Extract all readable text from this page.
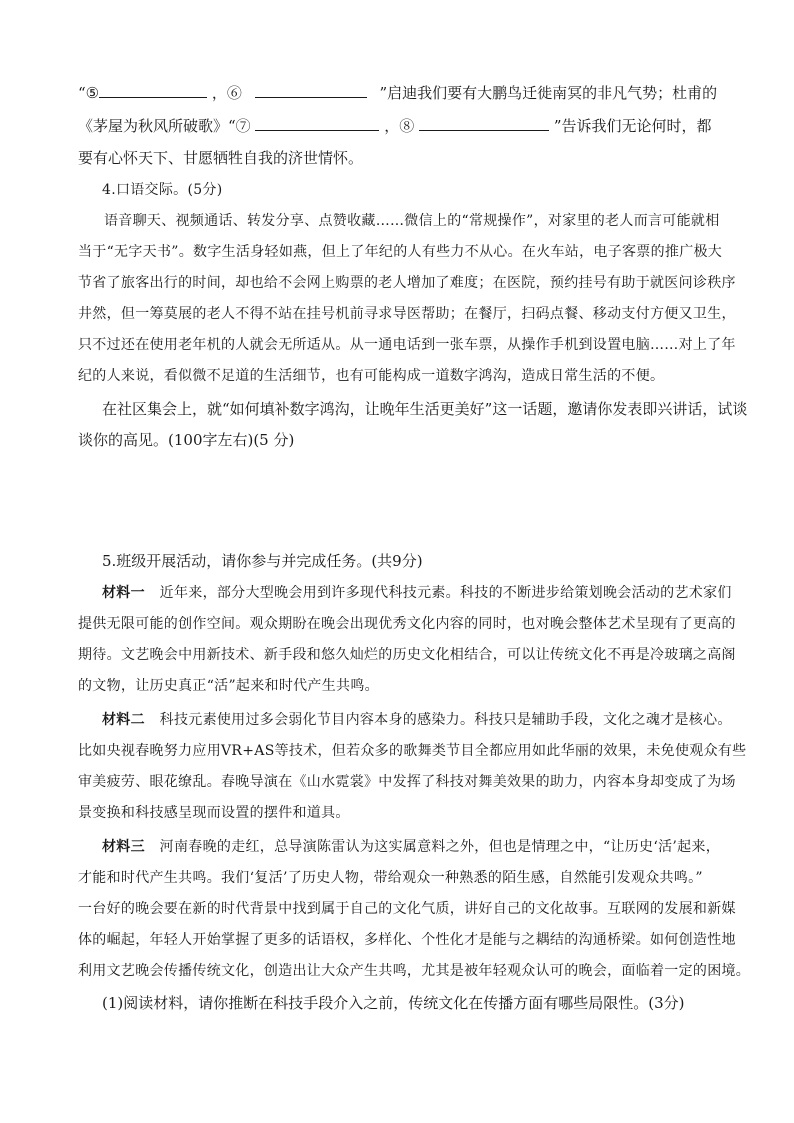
“⑤	，⑥	”启迪我们要有大鹏鸟迁徙南冥的非凡气势；杜甫的
《茅屋为秋风所破歌》“⑦	，⑧	”告诉我们无论何时，都
要有心怀天下、甘愿牺牲自我的济世情怀。
4.口语交际。(5分)
语音聊天、视频通话、转发分享、点赞收藏……微信上的“常规操作”，对家里的老人而言可能就相
当于“无字天书”。数字生活身轻如燕，但上了年纪的人有些力不从心。在火车站，电子客票的推广极大
节省了旅客出行的时间，却也给不会网上购票的老人增加了难度；在医院，预约挂号有助于就医问诊秩序
井然，但一筹莫展的老人不得不站在挂号机前寻求导医帮助；在餐厅，扫码点餐、移动支付方便又卫生，
只不过还在使用老年机的人就会无所适从。从一通电话到一张车票，从操作手机到设置电脑……对上了年
纪的人来说，看似微不足道的生活细节，也有可能构成一道数字鸿沟，造成日常生活的不便。
在社区集会上，就“如何填补数字鸿沟，让晚年生活更美好”这一话题，邀请你发表即兴讲话，试谈
谈你的高见。(100字左右)(5 分)
5.班级开展活动，请你参与并完成任务。(共9分)
材料一 近年来，部分大型晚会用到许多现代科技元素。科技的不断进步给策划晚会活动的艺术家们
提供无限可能的创作空间。观众期盼在晚会出现优秀文化内容的同时，也对晚会整体艺术呈现有了更高的
期待。文艺晚会中用新技术、新手段和悠久灿烂的历史文化相结合，可以让传统文化不再是冷玻璃之高阁
的文物，让历史真正“活”起来和时代产生共鸣。
材料二 科技元素使用过多会弱化节目内容本身的感染力。科技只是辅助手段，文化之魂才是核心。
比如央视春晚努力应用VR+AS等技术，但若众多的歌舞类节目全都应用如此华丽的效果，未免使观众有些
审美疲劳、眼花缭乱。春晚导演在《山水霓裳》中发挥了科技对舞美效果的助力，内容本身却变成了为场
景变换和科技感呈现而设置的摆件和道具。
材料三 河南春晚的走红，总导演陈雷认为这实属意料之外，但也是情理之中，“让历史‘活’起来，
才能和时代产生共鸣。我们‘复活’了历史人物，带给观众一种熟悉的陌生感，自然能引发观众共鸣。”
一台好的晚会要在新的时代背景中找到属于自己的文化气质，讲好自己的文化故事。互联网的发展和新媒
体的崛起，年轻人开始掌握了更多的话语权，多样化、个性化才是能与之耦结的沟通桥梁。如何创造性地
利用文艺晚会传播传统文化，创造出让大众产生共鸣，尤其是被年轻观众认可的晚会，面临着一定的困境。
(1)阅读材料，请你推断在科技手段介入之前，传统文化在传播方面有哪些局限性。(3分)
